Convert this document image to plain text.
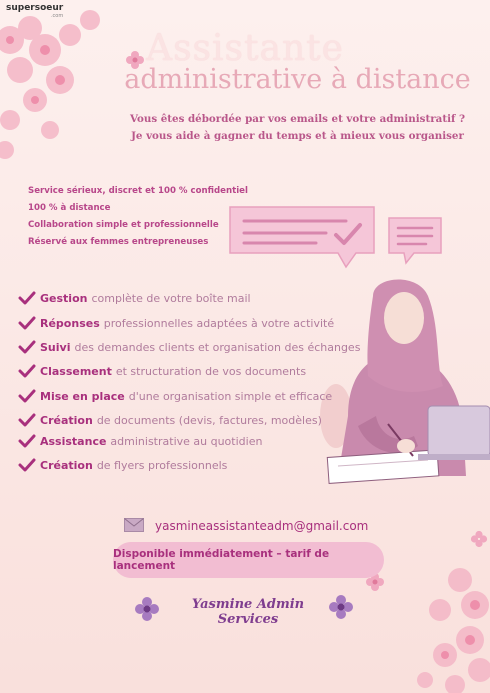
supersoeur
.com
Assistante
administrative à distance
Vous êtes débordée par vos emails et votre administratif ?
Je vous aide à gagner du temps et à mieux vous organiser
Service sérieux, discret et 100 % confidentiel
100 % à distance
Collaboration simple et professionnelle
Réservé aux femmes entrepreneuses
Gestion complète de votre boîte mail
Réponses professionnelles adaptées à votre activité
Suivi des demandes clients et organisation des échanges
Classement et structuration de vos documents
Mise en place d'une organisation simple et efficace
Création de documents (devis, factures, modèles)
Assistance administrative au quotidien
Création de flyers professionnels
yasmineassistanteadm@gmail.com
Disponible immédiatement – tarif de lancement
Yasmine Admin Services
